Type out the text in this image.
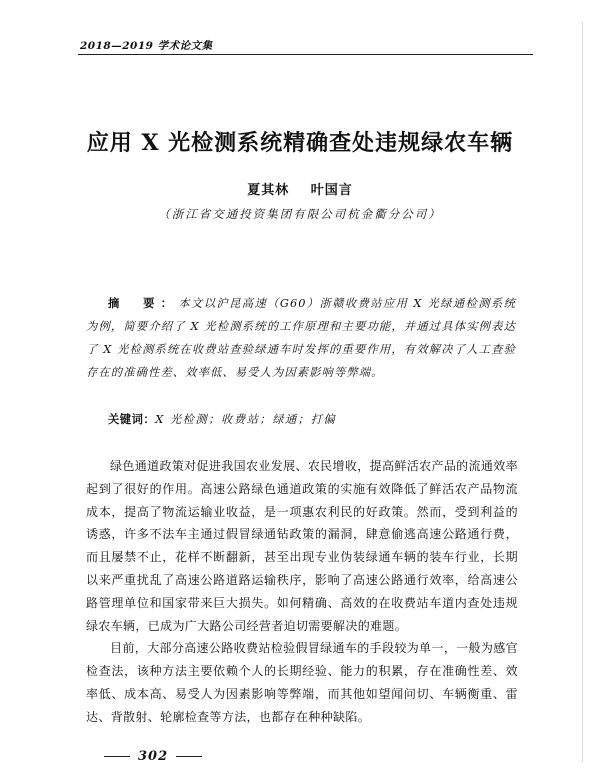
2018—2019 学术论文集
应用 X 光检测系统精确查处违规绿农车辆
夏其林 叶国言
（浙江省交通投资集团有限公司杭金衢分公司）
摘　要：本文以沪昆高速（G60）浙赣收费站应用 X 光绿通检测系统为例，简要介绍了 X 光检测系统的工作原理和主要功能，并通过具体实例表达了 X 光检测系统在收费站查验绿通车时发挥的重要作用，有效解决了人工查验存在的准确性差、效率低、易受人为因素影响等弊端。
关键词：X 光检测；收费站；绿通；打偏

绿色通道政策对促进我国农业发展、农民增收，提高鲜活农产品的流通效率起到了很好的作用。高速公路绿色通道政策的实施有效降低了鲜活农产品物流成本，提高了物流运输业收益，是一项惠农利民的好政策。然而，受到利益的诱惑，许多不法车主通过假冒绿通钻政策的漏洞，肆意偷逃高速公路通行费，而且屡禁不止，花样不断翻新，甚至出现专业伪装绿通车辆的装车行业，长期以来严重扰乱了高速公路道路运输秩序，影响了高速公路通行效率，给高速公路管理单位和国家带来巨大损失。如何精确、高效的在收费站车道内查处违规绿农车辆，已成为广大路公司经营者迫切需要解决的难题。

目前，大部分高速公路收费站检验假冒绿通车的手段较为单一，一般为感官检查法，该种方法主要依赖个人的长期经验、能力的积累，存在准确性差、效率低、成本高、易受人为因素影响等弊端，而其他如望闻问切、车辆衡重、雷达、背散射、轮廓检查等方法，也都存在种种缺陷。

302
